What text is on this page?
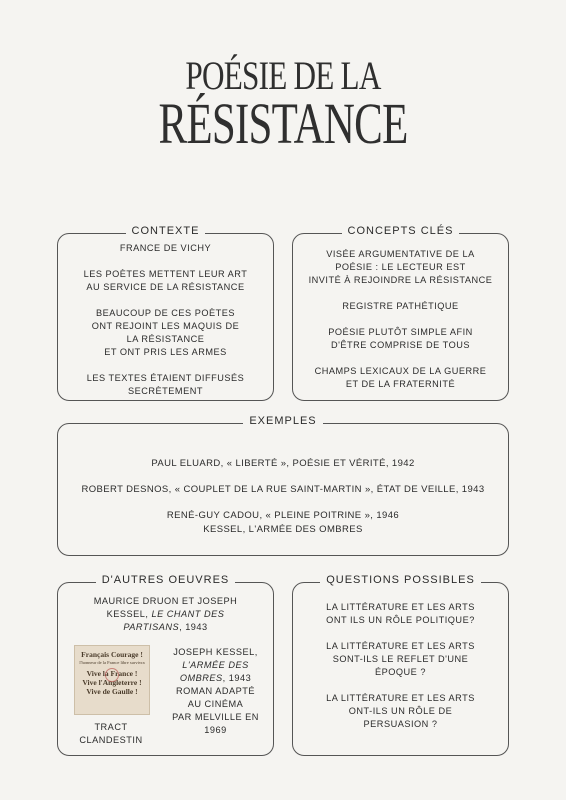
POÉSIE DE LA
RÉSISTANCE
CONTEXTE
FRANCE DE VICHY
LES POÈTES METTENT LEUR ART
AU SERVICE DE LA RÉSISTANCE
BEAUCOUP DE CES POÈTES
ONT REJOINT LES MAQUIS DE
LA RÉSISTANCE
ET ONT PRIS LES ARMES
LES TEXTES ÉTAIENT DIFFUSÉS
SECRÈTEMENT
CONCEPTS CLÉS
VISÉE ARGUMENTATIVE DE LA
POÉSIE : LE LECTEUR EST
INVITÉ À REJOINDRE LA RÉSISTANCE
REGISTRE PATHÉTIQUE
POÉSIE PLUTÔT SIMPLE AFIN
D'ÊTRE COMPRISE DE TOUS
CHAMPS LEXICAUX DE LA GUERRE
ET DE LA FRATERNITÉ
EXEMPLES
PAUL ELUARD, « LIBERTÉ », POÉSIE ET VÉRITÉ, 1942
ROBERT DESNOS, « COUPLET DE LA RUE SAINT-MARTIN », ÉTAT DE VEILLE, 1943
RENÉ-GUY CADOU, « PLEINE POITRINE », 1946
KESSEL, L'ARMÉE DES OMBRES
D'AUTRES OEUVRES
MAURICE DRUON ET JOSEPH
KESSEL, LE CHANT DES
PARTISANS, 1943
Français Courage !
l'honneur de la France libre survivra
Vive la France !
Vive l'Angleterre !
Vive de Gaulle !
TRACT
CLANDESTIN
JOSEPH KESSEL,
L'ARMÉE DES
OMBRES, 1943
ROMAN ADAPTÉ
AU CINÉMA
PAR MELVILLE EN
1969
QUESTIONS POSSIBLES
LA LITTÉRATURE ET LES ARTS
ONT ILS UN RÔLE POLITIQUE?
LA LITTÉRATURE ET LES ARTS
SONT-ILS LE REFLET D'UNE
ÉPOQUE ?
LA LITTÉRATURE ET LES ARTS
ONT-ILS UN RÔLE DE
PERSUASION ?
